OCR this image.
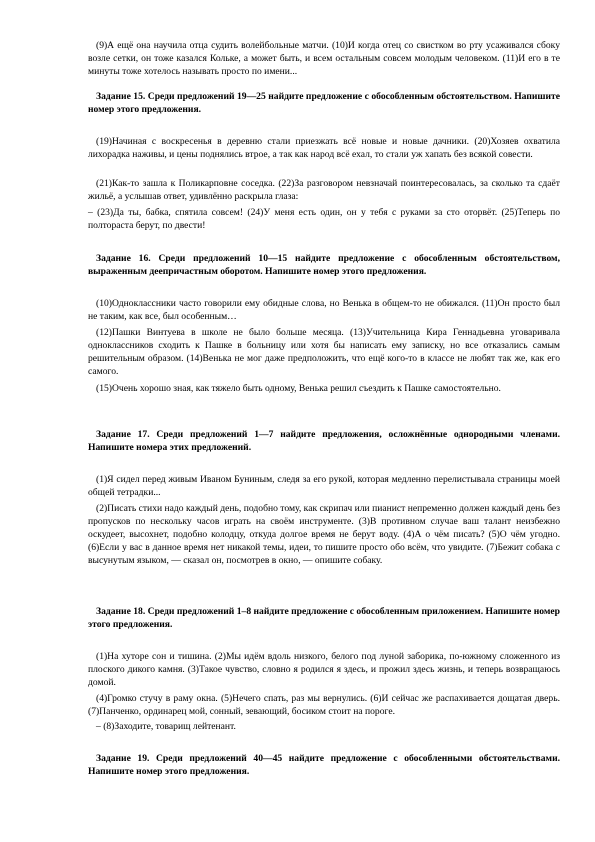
(9)А ещё она научила отца судить волейбольные матчи. (10)И когда отец со свистком во рту усаживался сбоку возле сетки, он тоже казался Кольке, а может быть, и всем остальным совсем молодым человеком. (11)И его в те минуты тоже хотелось называть просто по имени...

Задание 15. Среди предложений 19—25 найдите предложение с обособленным обстоятельством. Напишите номер этого предложения.

(19)Начиная с воскресенья в деревню стали приезжать всё новые и новые дачники. (20)Хозяев охватила лихорадка наживы, и цены поднялись втрое, а так как народ всё ехал, то стали уж хапать без всякой совести.

(21)Как-то зашла к Поликарповне соседка. (22)За разговором невзначай поинтересовалась, за сколько та сдаёт жильё, а услышав ответ, удивлённо раскрыла глаза:

– (23)Да ты, бабка, спятила совсем! (24)У меня есть один, он у тебя с руками за сто оторвёт. (25)Теперь по полтораста берут, по двести!

Задание 16. Среди предложений 10—15 найдите предложение с обособленным обстоятельством, выраженным деепричастным оборотом. Напишите номер этого предложения.

(10)Одноклассники часто говорили ему обидные слова, но Венька в общем-то не обижался. (11)Он просто был не таким, как все, был особенным…

(12)Пашки Винтуева в школе не было больше месяца. (13)Учительница Кира Геннадьевна уговаривала одноклассников сходить к Пашке в больницу или хотя бы написать ему записку, но все отказались самым решительным образом. (14)Венька не мог даже предположить, что ещё кого-то в классе не любят так же, как его самого.

(15)Очень хорошо зная, как тяжело быть одному, Венька решил съездить к Пашке самостоятельно.

Задание 17. Среди предложений 1—7 найдите предложения, осложнённые однородными членами. Напишите номера этих предложений.

(1)Я сидел перед живым Иваном Буниным, следя за его рукой, которая медленно перелистывала страницы моей общей тетрадки...

(2)Писать стихи надо каждый день, подобно тому, как скрипач или пианист непременно должен каждый день без пропусков по нескольку часов играть на своём инструменте. (3)В противном случае ваш талант неизбежно оскудеет, высохнет, подобно колодцу, откуда долгое время не берут воду. (4)А о чём писать? (5)О чём угодно. (6)Если у вас в данное время нет никакой темы, идеи, то пишите просто обо всём, что увидите. (7)Бежит собака с высунутым языком, — сказал он, посмотрев в окно, — опишите собаку.

Задание 18. Среди предложений 1–8 найдите предложение с обособленным приложением. Напишите номер этого предложения.

(1)На хуторе сон и тишина. (2)Мы идём вдоль низкого, белого под луной заборика, по-южному сложенного из плоского дикого камня. (3)Такое чувство, словно я родился я здесь, и прожил здесь жизнь, и теперь возвращаюсь домой.

(4)Громко стучу в раму окна. (5)Нечего спать, раз мы вернулись. (6)И сейчас же распахивается дощатая дверь. (7)Панченко, ординарец мой, сонный, зевающий, босиком стоит на пороге.

– (8)Заходите, товарищ лейтенант.

Задание 19. Среди предложений 40—45 найдите предложение с обособленными обстоятельствами. Напишите номер этого предложения.
